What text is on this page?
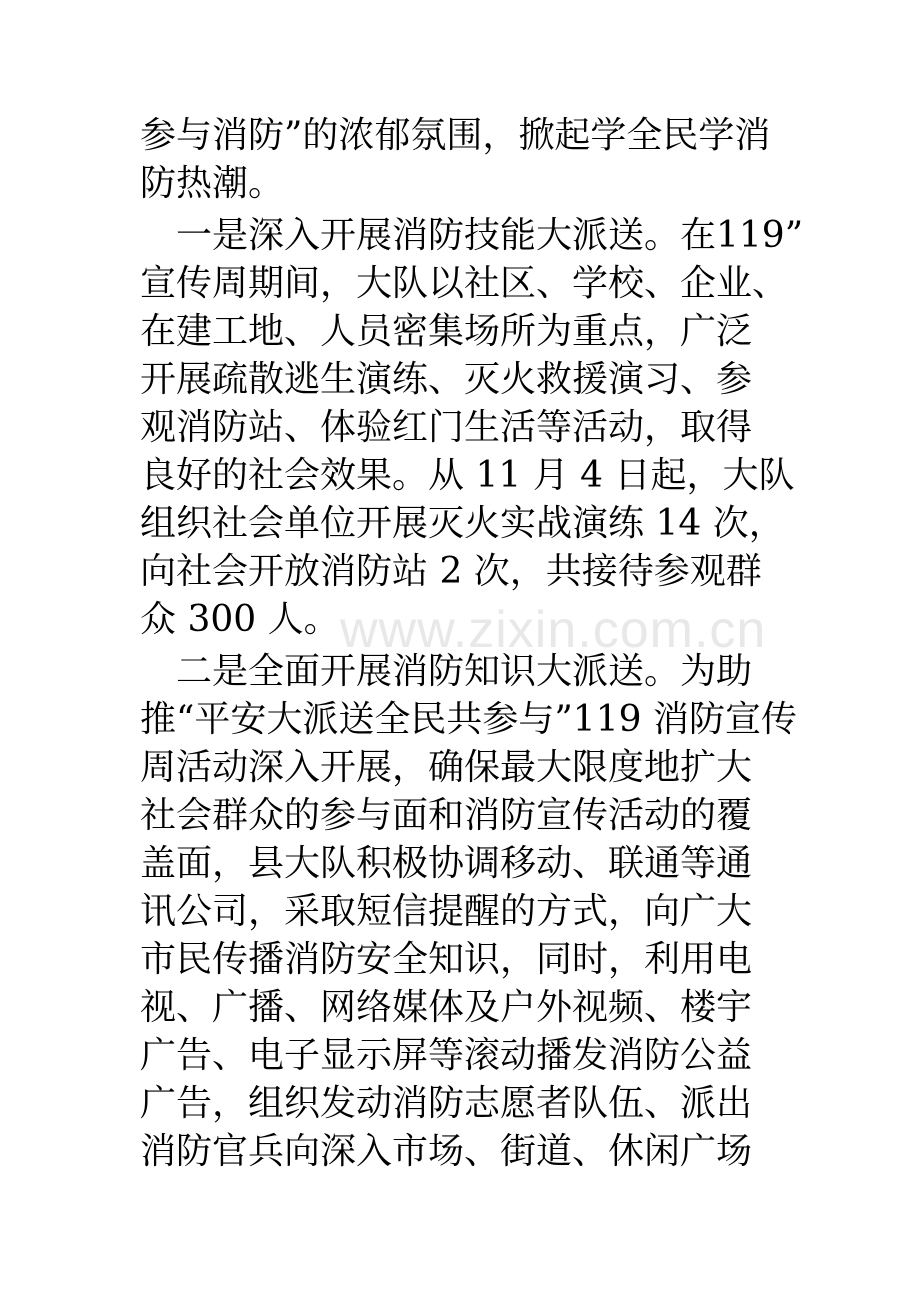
参与消防”的浓郁氛围，掀起学全民学消
防热潮。
一是深入开展消防技能大派送。在119”
宣传周期间，大队以社区、学校、企业、
在建工地、人员密集场所为重点，广泛
开展疏散逃生演练、灭火救援演习、参
观消防站、体验红门生活等活动，取得
良好的社会效果。从 11 月 4 日起，大队
组织社会单位开展灭火实战演练 14 次，
向社会开放消防站 2 次，共接待参观群
众 300 人。
二是全面开展消防知识大派送。为助
推“平安大派送全民共参与”119 消防宣传
周活动深入开展，确保最大限度地扩大
社会群众的参与面和消防宣传活动的覆
盖面，县大队积极协调移动、联通等通
讯公司，采取短信提醒的方式，向广大
市民传播消防安全知识，同时，利用电
视、广播、网络媒体及户外视频、楼宇
广告、电子显示屏等滚动播发消防公益
广告，组织发动消防志愿者队伍、派出
消防官兵向深入市场、街道、休闲广场
www.zixin.com.cn
